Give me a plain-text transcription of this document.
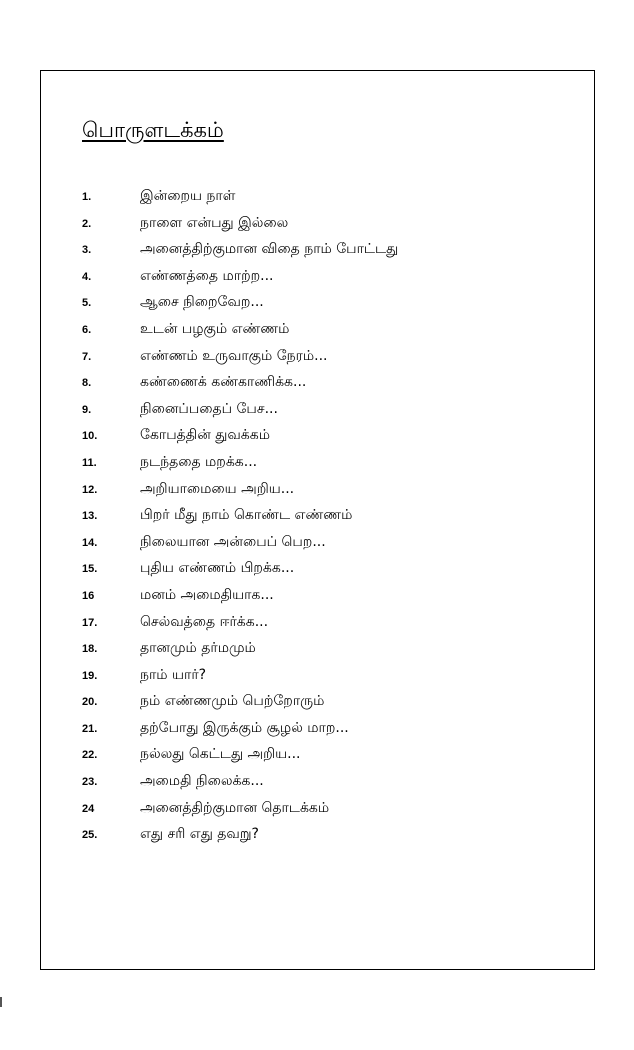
பொருளடக்கம்
1.	இன்றைய நாள்
2.	நாளை என்பது இல்லை
3.	அனைத்திற்குமான விதை நாம் போட்டது
4.	எண்ணத்தை மாற்ற...
5.	ஆசை நிறைவேற...
6.	உடன் பழகும் எண்ணம்
7.	எண்ணம் உருவாகும் நேரம்...
8.	கண்ணைக் கண்காணிக்க...
9.	நினைப்பதைப் பேச...
10.	கோபத்தின் துவக்கம்
11.	நடந்ததை மறக்க...
12.	அறியாமையை அறிய...
13.	பிறர் மீது நாம் கொண்ட எண்ணம்
14.	நிலையான அன்பைப் பெற...
15.	புதிய எண்ணம் பிறக்க...
16	மனம் அமைதியாக...
17.	செல்வத்தை ஈர்க்க...
18.	தானமும் தர்மமும்
19.	நாம் யார்?
20.	நம் எண்ணமும் பெற்றோரும்
21.	தற்போது இருக்கும் சூழல் மாற...
22.	நல்லது கெட்டது அறிய...
23.	அமைதி நிலைக்க...
24	அனைத்திற்குமான தொடக்கம்
25.	எது சரி எது தவறு?
